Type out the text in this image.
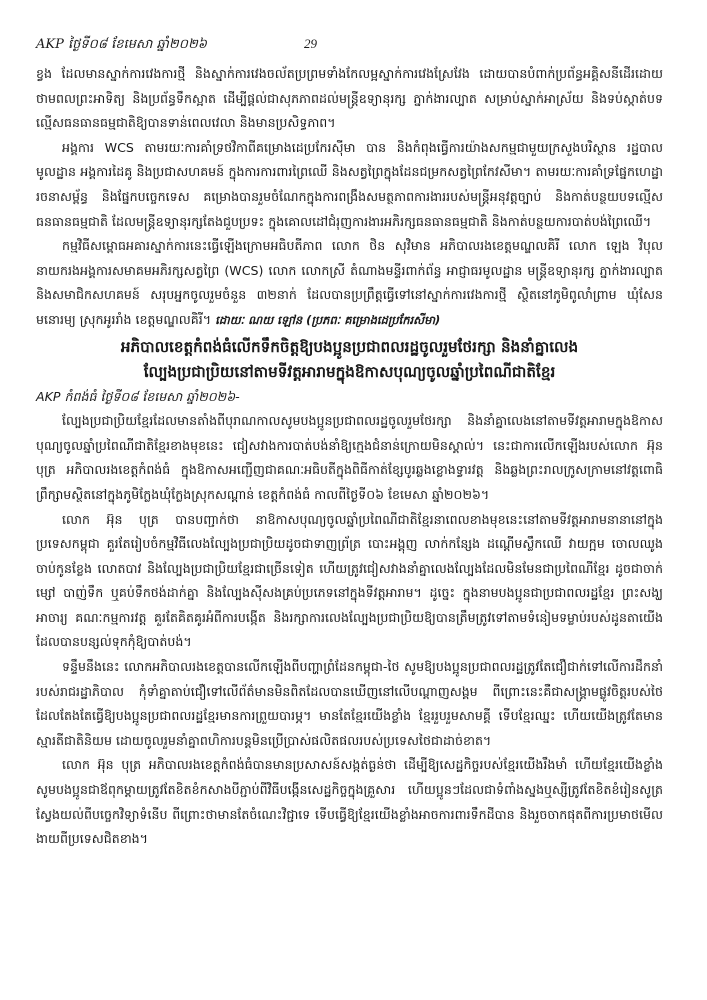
AKP ថ្ងៃទី០៨ ខែមេសា ឆ្នាំ២០២៦	29

ខ្វង ដែលមានស្នាក់ការវេងការថ្មី និងស្នាក់ការវេងចល័តប្រព្រមទាំងកែលម្អស្នាក់ការវេងស្រែវែង ដោយបានបំពាក់ប្រព័ន្ធអគ្គិសនីដើរដោយថាមពលព្រះអាទិត្យ និងប្រព័ន្ធទឹកស្អាត ដើម្បីផ្តល់ជាសុភភាពដល់មន្ត្រីឧទ្យានុរក្ស ភ្នាក់ងារល្បាត សម្រាប់ស្នាក់អាស្រ័យ និងទប់ស្កាត់បទល្មើសធនធានធម្មជាតិឱ្យបានទាន់ពេលវេលា និងមានប្រសិទ្ធភាព។

អង្គការ WCS តាមរយៈការគាំទ្រថវិកាពីគម្រោងដេប្រកែរស៊ីមា បាន និងកំពុងធ្វើការយ៉ាងសកម្មជាមួយក្រសួងបរិស្ថាន រដ្ឋបាលមូលដ្ឋាន អង្គការដៃគូ និងប្រជាសហគមន៍ ក្នុងការការពារព្រៃឈើ និងសត្វព្រៃក្នុងដែនជម្រកសត្វព្រៃកែវសីមា។ តាមរយៈការគាំទ្រផ្នែកហេដ្ឋារចនាសម្ព័ន្ធ និងផ្នែកបច្ចេកទេស គម្រោងបានរួមចំណែកក្នុងការពង្រឹងសមត្ថភាពការងាររបស់មន្ត្រីអនុវត្តច្បាប់ និងកាត់បន្ថយបទល្មើសធនធានធម្មជាតិ ដែលមន្ត្រីឧទ្យានុរក្សតែងជួបប្រទះ ក្នុងគោលដៅជំរុញការងារអភិរក្សធនធានធម្មជាតិ និងកាត់បន្ថយការបាត់បង់ព្រៃឈើ។

កម្មវិធីសម្ពោធអគារស្នាក់ការនេះធ្វើឡើងក្រោមអធិបតីភាព លោក ថិន សុវិមាន អភិបាលរងខេត្តមណ្ឌលគិរី លោក ឡេង វិបុល នាយករងអង្គការសមាគមអភិរក្សសត្វព្រៃ (WCS) លោក លោកស្រី តំណាងមន្ទីរពាក់ព័ន្ធ អាជ្ញាធរមូលដ្ឋាន មន្ត្រីឧទ្យានុរក្ស ភ្នាក់ងារល្បាត និងសមាជិកសហគមន៍ សរុបអ្នកចូលរួមចំនួន ៣២នាក់ ដែលបានប្រព្រឹត្តធ្វើទៅនៅស្នាក់ការវេងការថ្មី ស្ថិតនៅភូមិពូលាំព្រាម ឃុំសែនមនោរម្យ ស្រុកអូររាំង ខេត្តមណ្ឌលគិរី។ ដោយៈ ណយ ឡៅន (ប្រភពៈ គម្រោងដេប្រកែរសីមា)

អភិបាលខេត្តកំពង់ធំលើកទឹកចិត្តឱ្យបងប្អូនប្រជាពលរដ្ឋចូលរួមថែរក្សា និងនាំគ្នាលេង
ល្បែងប្រជាប្រិយនៅតាមទីវត្តអារាមក្នុងឱកាសបុណ្យចូលឆ្នាំប្រពៃណីជាតិខ្មែរ

AKP កំពង់ធំ ថ្ងៃទី០៨ ខែមេសា ឆ្នាំ២០២៦-

ល្បែងប្រជាប្រិយខ្មែរដែលមានតាំងពីបុរាណកាលសូមបងប្អូនប្រជាពលរដ្ឋចូលរួមថែរក្សា និងនាំគ្នាលេងនៅតាមទីវត្តអារាមក្នុងឱកាសបុណ្យចូលឆ្នាំប្រពៃណីជាតិខ្មែរខាងមុខនេះ ជៀសវាងការបាត់បង់នាំឱ្យក្មេងជំនាន់ក្រោយមិនស្គាល់។ នេះជាការលើកឡើងរបស់លោក អ៊ុន បុត្រ អភិបាលរងខេត្តកំពង់ធំ ក្នុងឱកាសអញ្ជើញជាគណៈអធិបតីក្នុងពិធីកាត់ខ្សែបូរឆ្លងខ្លោងទ្វារវត្ត និងឆ្លងព្រះរាលក្រូសក្រាមនៅវត្តពោធិព្រឹក្សាមស្ថិតនៅក្នុងភូមិក្លែងឃុំក្លែងស្រុកសណ្ដាន់ ខេត្តកំពង់ធំ កាលពីថ្ងៃទី០៦ ខែមេសា ឆ្នាំ២០២៦។

លោក អ៊ុន បុត្រ បានបញ្ជាក់ថា នាឱកាសបុណ្យចូលឆ្នាំប្រពៃណីជាតិខ្មែរនាពេលខាងមុខនេះនៅតាមទីវត្តអារាមនានានៅក្នុងប្រទេសកម្ពុជា គួរតែរៀបចំកម្មវិធីលេងល្បែងប្រជាប្រិយដូចជាទាញព្រ័ត្រ បោះអង្គុញ លាក់កន្សែង ដណ្ដើមស្លឹកឈើ វាយក្អម ចោលឈូង ចាប់កូនខ្លែង លោតបាវ និងល្បែងប្រជាប្រិយខ្មែរជាច្រើនទៀត ហើយត្រូវជៀសវាងនាំគ្នាលេងល្បែងដែលមិនមែនជាប្រពៃណីខ្មែរ ដូចជាចាក់ម្សៅ បាញ់ទឹក ឬគប់ទឹកថង់ដាក់គ្នា និងល្បែងស៊ីសងគ្រប់ប្រភេទនៅក្នុងទីវត្តអារាម។ ដូច្នេះ ក្នុងនាមបងប្អូនជាប្រជាពលរដ្ឋខ្មែរ ព្រះសង្ឃ អាចារ្យ គណៈកម្មការវត្ត គួរតែគិតគូរអំពីការបង្កើត និងរក្សាការលេងល្បែងប្រជាប្រិយឱ្យបានត្រឹមត្រូវទៅតាមទំនៀមទម្លាប់របស់ដូនតាយើងដែលបានបន្សល់ទុកកុំឱ្យបាត់បង់។

ទន្ទឹមនឹងនេះ លោកអភិបាលរងខេត្តបានលើកឡើងពីបញ្ហាព្រំដែនកម្ពុជា-ថៃ សូមឱ្យបងប្អូនប្រជាពលរដ្ឋត្រូវតែជឿជាក់ទៅលើការដឹកនាំរបស់រាជរដ្ឋាភិបាល កុំទាំគ្នាតាប់ជឿទៅលើព័ត៌មានមិនពិតដែលបានឃើញនៅលើបណ្ដាញសង្គម ពីព្រោះនេះគឺជាសង្គ្រាមផ្លូវចិត្តរបស់ថៃដែលតែងតែធ្វើឱ្យបងប្អូនប្រជាពលរដ្ឋខ្មែរមានការព្រួយបារម្ភ។ មានតែខ្មែរយើងខ្លាំង ខ្មែររួបរួមសាមគ្គី ទើបខ្មែរឈ្នះ ហើយយើងត្រូវតែមានស្មារតីជាតិនិយម ដោយចូលរួមនាំគ្នាពហិការបន្តមិនប្រើប្រាស់ផលិតផលរបស់ប្រទេសថៃជាដាច់ខាត។

លោក អ៊ុន បុត្រ អភិបាលរងខេត្តកំពង់ធំបានមានប្រសាសន៍សង្កត់ធ្ងន់ថា ដើម្បីឱ្យសេដ្ឋកិច្ចរបស់ខ្មែរយើងរឹងមាំ ហើយខ្មែរយើងខ្លាំង សូមបងប្អូនជាឪពុកម្ដាយត្រូវតែខិតខំកសាងបីភ្ជាប់ពីវិធីបង្កើនសេដ្ឋកិច្ចក្នុងគ្រួសារ ហើយប្អូនៗដែលជាទំពាំងស្នងឬស្សីត្រូវតែខិតខំរៀនសូត្រស្វែងយល់ពីបច្ចេកវិទ្យាទំនើប ពីព្រោះថាមានតែចំណេះវិជ្ជាទេ ទើបធ្វើឱ្យខ្មែរយើងខ្លាំងអាចការពារទឹកដីបាន និងរួចចាកផុតពីការប្រមាថមើលងាយពីប្រទេសជិតខាង។
